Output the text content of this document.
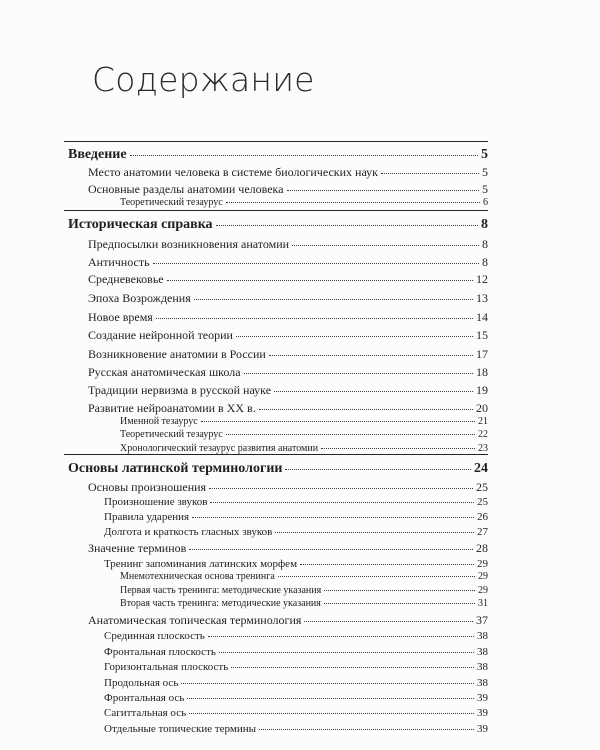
Содержание
Введение	5
Место анатомии человека в системе биологических наук	5
Основные разделы анатомии человека	5
Теоретический тезаурус	6
Историческая справка	8
Предпосылки возникновения анатомии	8
Античность	8
Средневековье	12
Эпоха Возрождения	13
Новое время	14
Создание нейронной теории	15
Возникновение анатомии в России	17
Русская анатомическая школа	18
Традиции нервизма в русской науке	19
Развитие нейроанатомии в XX в.	20
Именной тезаурус	21
Теоретический тезаурус	22
Хронологический тезаурус развития анатомии	23
Основы латинской терминологии	24
Основы произношения	25
Произношение звуков	25
Правила ударения	26
Долгота и краткость гласных звуков	27
Значение терминов	28
Тренинг запоминания латинских морфем	29
Мнемотехническая основа тренинга	29
Первая часть тренинга: методические указания	29
Вторая часть тренинга: методические указания	31
Анатомическая топическая терминология	37
Срединная плоскость	38
Фронтальная плоскость	38
Горизонтальная плоскость	38
Продольная ось	38
Фронтальная ось	39
Сагиттальная ось	39
Отдельные топические термины	39
